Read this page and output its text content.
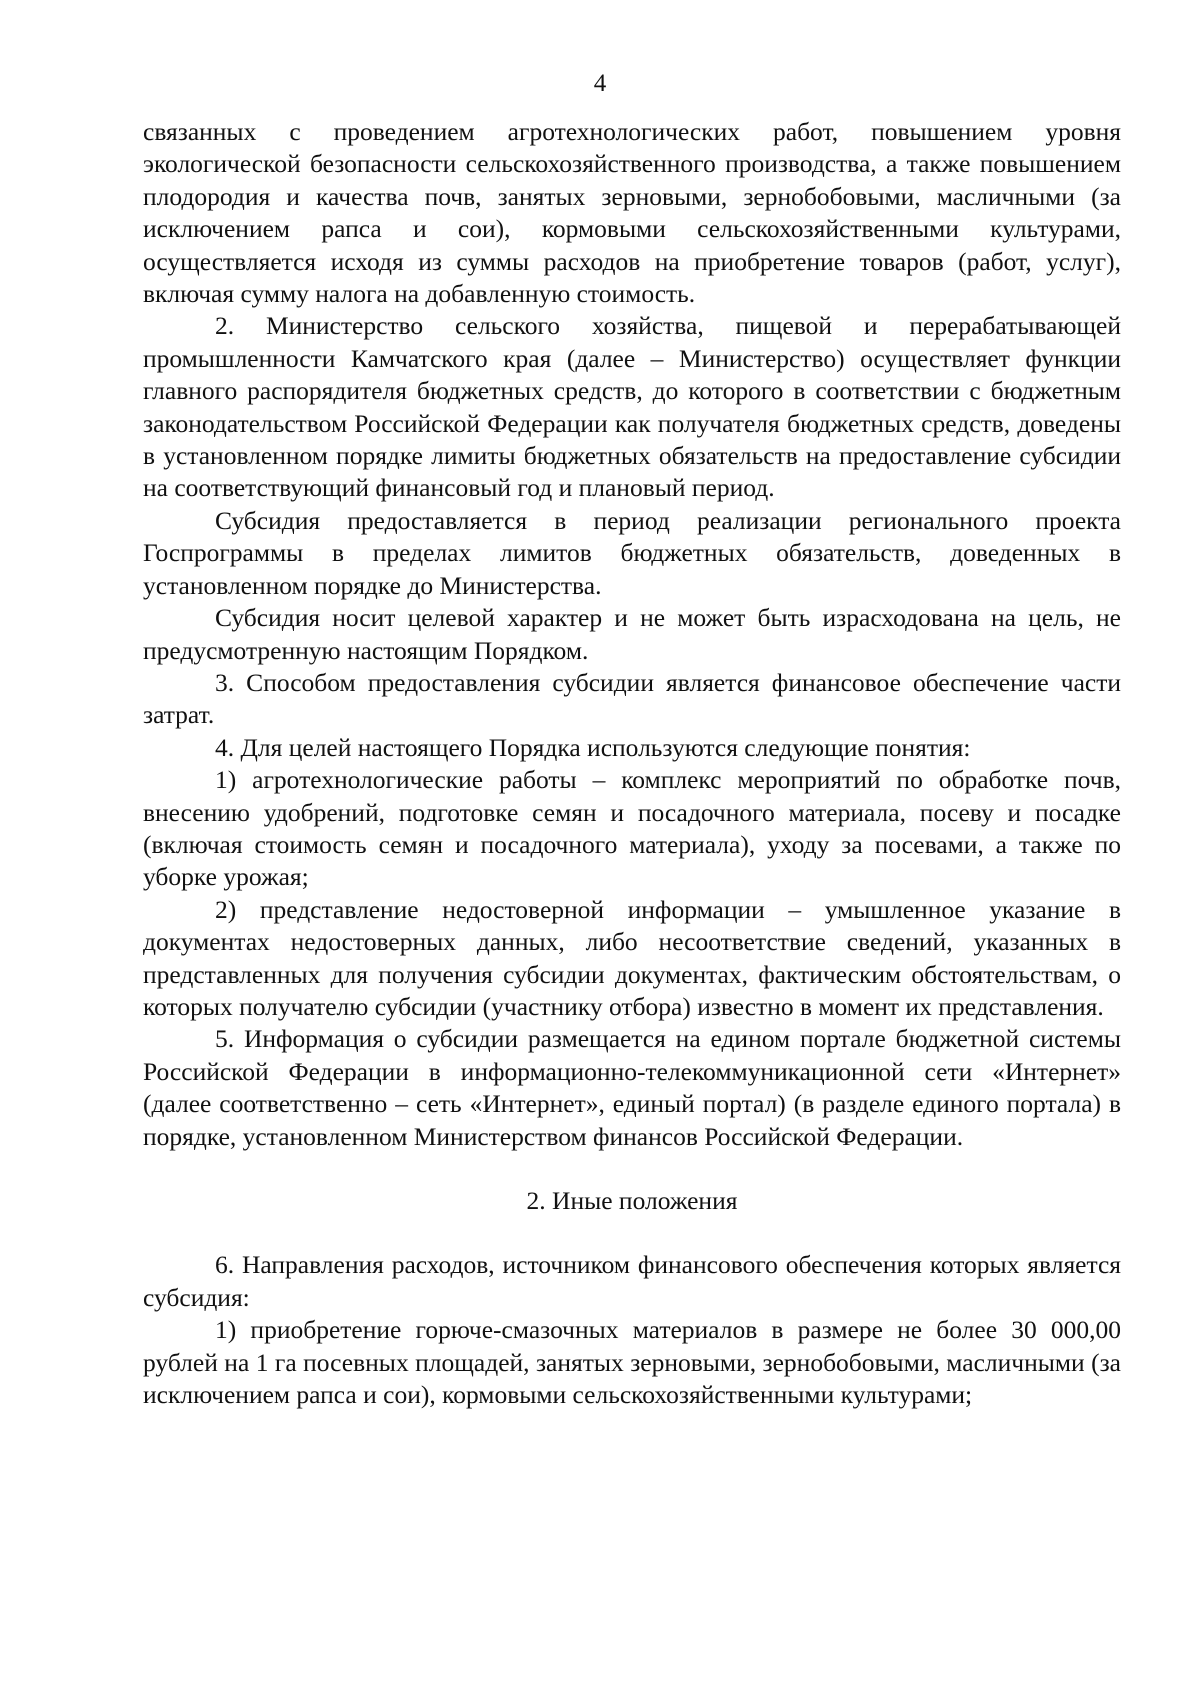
4

связанных с проведением агротехнологических работ, повышением уровня экологической безопасности сельскохозяйственного производства, а также повышением плодородия и качества почв, занятых зерновыми, зернобобовыми, масличными (за исключением рапса и сои), кормовыми сельскохозяйственными культурами, осуществляется исходя из суммы расходов на приобретение товаров (работ, услуг), включая сумму налога на добавленную стоимость.

2. Министерство сельского хозяйства, пищевой и перерабатывающей промышленности Камчатского края (далее – Министерство) осуществляет функции главного распорядителя бюджетных средств, до которого в соответствии с бюджетным законодательством Российской Федерации как получателя бюджетных средств, доведены в установленном порядке лимиты бюджетных обязательств на предоставление субсидии на соответствующий финансовый год и плановый период.

Субсидия предоставляется в период реализации регионального проекта Госпрограммы в пределах лимитов бюджетных обязательств, доведенных в установленном порядке до Министерства.

Субсидия носит целевой характер и не может быть израсходована на цель, не предусмотренную настоящим Порядком.

3. Способом предоставления субсидии является финансовое обеспечение части затрат.

4. Для целей настоящего Порядка используются следующие понятия:

1) агротехнологические работы – комплекс мероприятий по обработке почв, внесению удобрений, подготовке семян и посадочного материала, посеву и посадке (включая стоимость семян и посадочного материала), уходу за посевами, а также по уборке урожая;

2) представление недостоверной информации – умышленное указание в документах недостоверных данных, либо несоответствие сведений, указанных в представленных для получения субсидии документах, фактическим обстоятельствам, о которых получателю субсидии (участнику отбора) известно в момент их представления.

5. Информация о субсидии размещается на едином портале бюджетной системы Российской Федерации в информационно-телекоммуникационной сети «Интернет» (далее соответственно – сеть «Интернет», единый портал) (в разделе единого портала) в порядке, установленном Министерством финансов Российской Федерации.

2. Иные положения

6. Направления расходов, источником финансового обеспечения которых является субсидия:

1) приобретение горюче-смазочных материалов в размере не более 30 000,00 рублей на 1 га посевных площадей, занятых зерновыми, зернобобовыми, масличными (за исключением рапса и сои), кормовыми сельскохозяйственными культурами;
